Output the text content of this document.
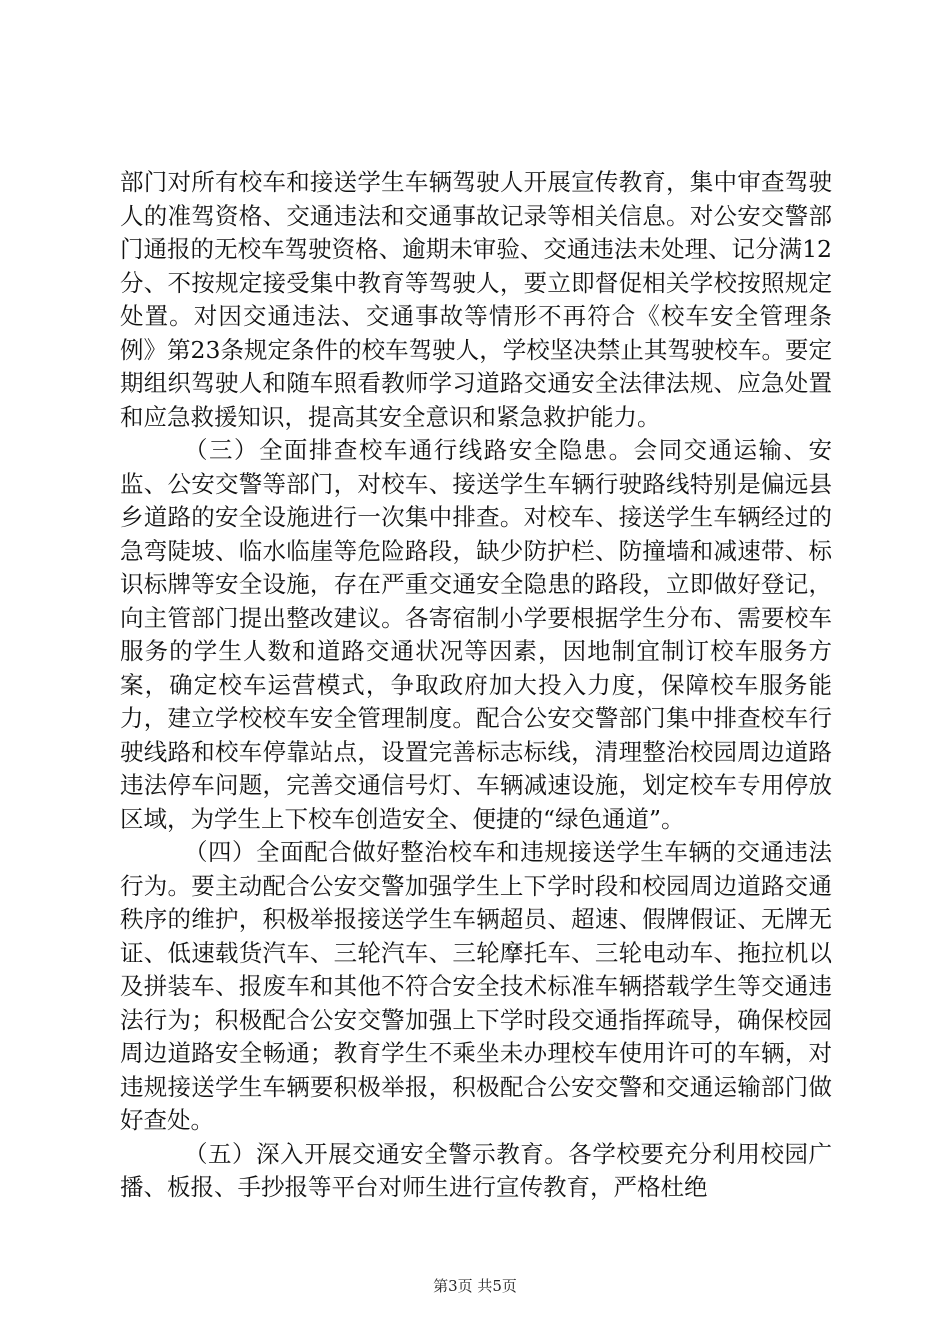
部门对所有校车和接送学生车辆驾驶人开展宣传教育，集中审查驾驶人的准驾资格、交通违法和交通事故记录等相关信息。对公安交警部门通报的无校车驾驶资格、逾期未审验、交通违法未处理、记分满12分、不按规定接受集中教育等驾驶人，要立即督促相关学校按照规定处置。对因交通违法、交通事故等情形不再符合《校车安全管理条例》第23条规定条件的校车驾驶人，学校坚决禁止其驾驶校车。要定期组织驾驶人和随车照看教师学习道路交通安全法律法规、应急处置和应急救援知识，提高其安全意识和紧急救护能力。

（三）全面排查校车通行线路安全隐患。会同交通运输、安监、公安交警等部门，对校车、接送学生车辆行驶路线特别是偏远县乡道路的安全设施进行一次集中排查。对校车、接送学生车辆经过的急弯陡坡、临水临崖等危险路段，缺少防护栏、防撞墙和减速带、标识标牌等安全设施，存在严重交通安全隐患的路段，立即做好登记，向主管部门提出整改建议。各寄宿制小学要根据学生分布、需要校车服务的学生人数和道路交通状况等因素，因地制宜制订校车服务方案，确定校车运营模式，争取政府加大投入力度，保障校车服务能力，建立学校校车安全管理制度。配合公安交警部门集中排查校车行驶线路和校车停靠站点，设置完善标志标线，清理整治校园周边道路违法停车问题，完善交通信号灯、车辆减速设施，划定校车专用停放区域，为学生上下校车创造安全、便捷的“绿色通道”。

（四）全面配合做好整治校车和违规接送学生车辆的交通违法行为。要主动配合公安交警加强学生上下学时段和校园周边道路交通秩序的维护，积极举报接送学生车辆超员、超速、假牌假证、无牌无证、低速载货汽车、三轮汽车、三轮摩托车、三轮电动车、拖拉机以及拼装车、报废车和其他不符合安全技术标准车辆搭载学生等交通违法行为；积极配合公安交警加强上下学时段交通指挥疏导，确保校园周边道路安全畅通；教育学生不乘坐未办理校车使用许可的车辆，对违规接送学生车辆要积极举报，积极配合公安交警和交通运输部门做好查处。

（五）深入开展交通安全警示教育。各学校要充分利用校园广播、板报、手抄报等平台对师生进行宣传教育，严格杜绝

第3页 共5页
